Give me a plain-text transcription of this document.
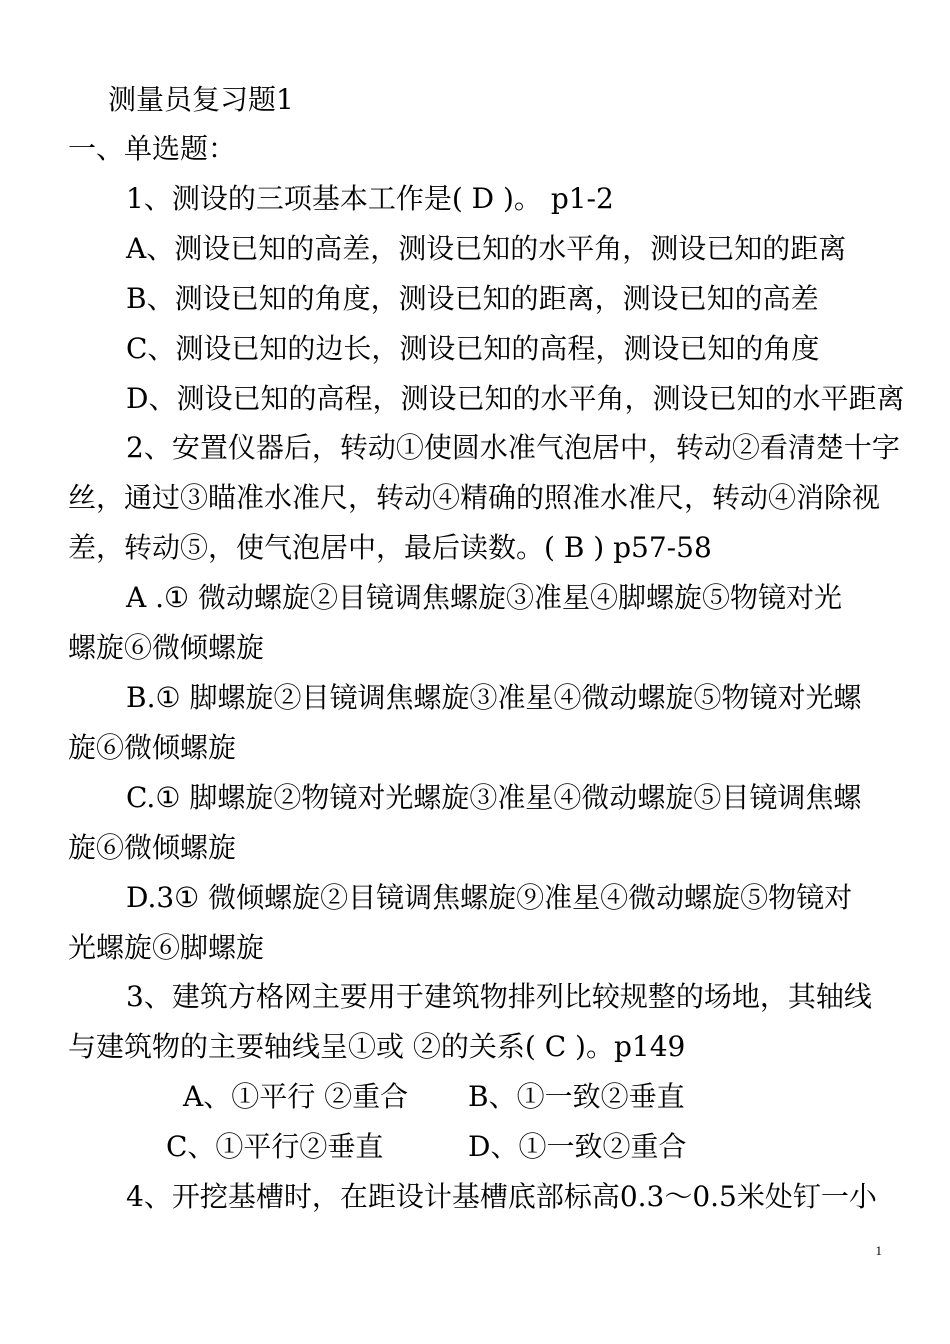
测量员复习题1
一、单选题：
1、测设的三项基本工作是( D )。 p1-2
A、测设已知的高差，测设已知的水平角，测设已知的距离
B、测设已知的角度，测设已知的距离，测设已知的高差
C、测设已知的边长，测设已知的高程，测设已知的角度
D、测设已知的高程，测设已知的水平角，测设已知的水平距离
2、安置仪器后，转动①使圆水准气泡居中，转动②看清楚十字
丝，通过③瞄准水准尺，转动④精确的照准水准尺，转动④消除视
差，转动⑤，使气泡居中，最后读数。( B ) p57-58
A .① 微动螺旋②目镜调焦螺旋③准星④脚螺旋⑤物镜对光
螺旋⑥微倾螺旋
B.① 脚螺旋②目镜调焦螺旋③准星④微动螺旋⑤物镜对光螺
旋⑥微倾螺旋
C.① 脚螺旋②物镜对光螺旋③准星④微动螺旋⑤目镜调焦螺
旋⑥微倾螺旋
D.3① 微倾螺旋②目镜调焦螺旋⑨准星④微动螺旋⑤物镜对
光螺旋⑥脚螺旋
3、建筑方格网主要用于建筑物排列比较规整的场地，其轴线
与建筑物的主要轴线呈①或 ②的关系( C )。p149
A、①平行 ②重合 B、①一致②垂直
C、①平行②垂直	D、①一致②重合
4、开挖基槽时，在距设计基槽底部标高0.3～0.5米处钉一小
1
